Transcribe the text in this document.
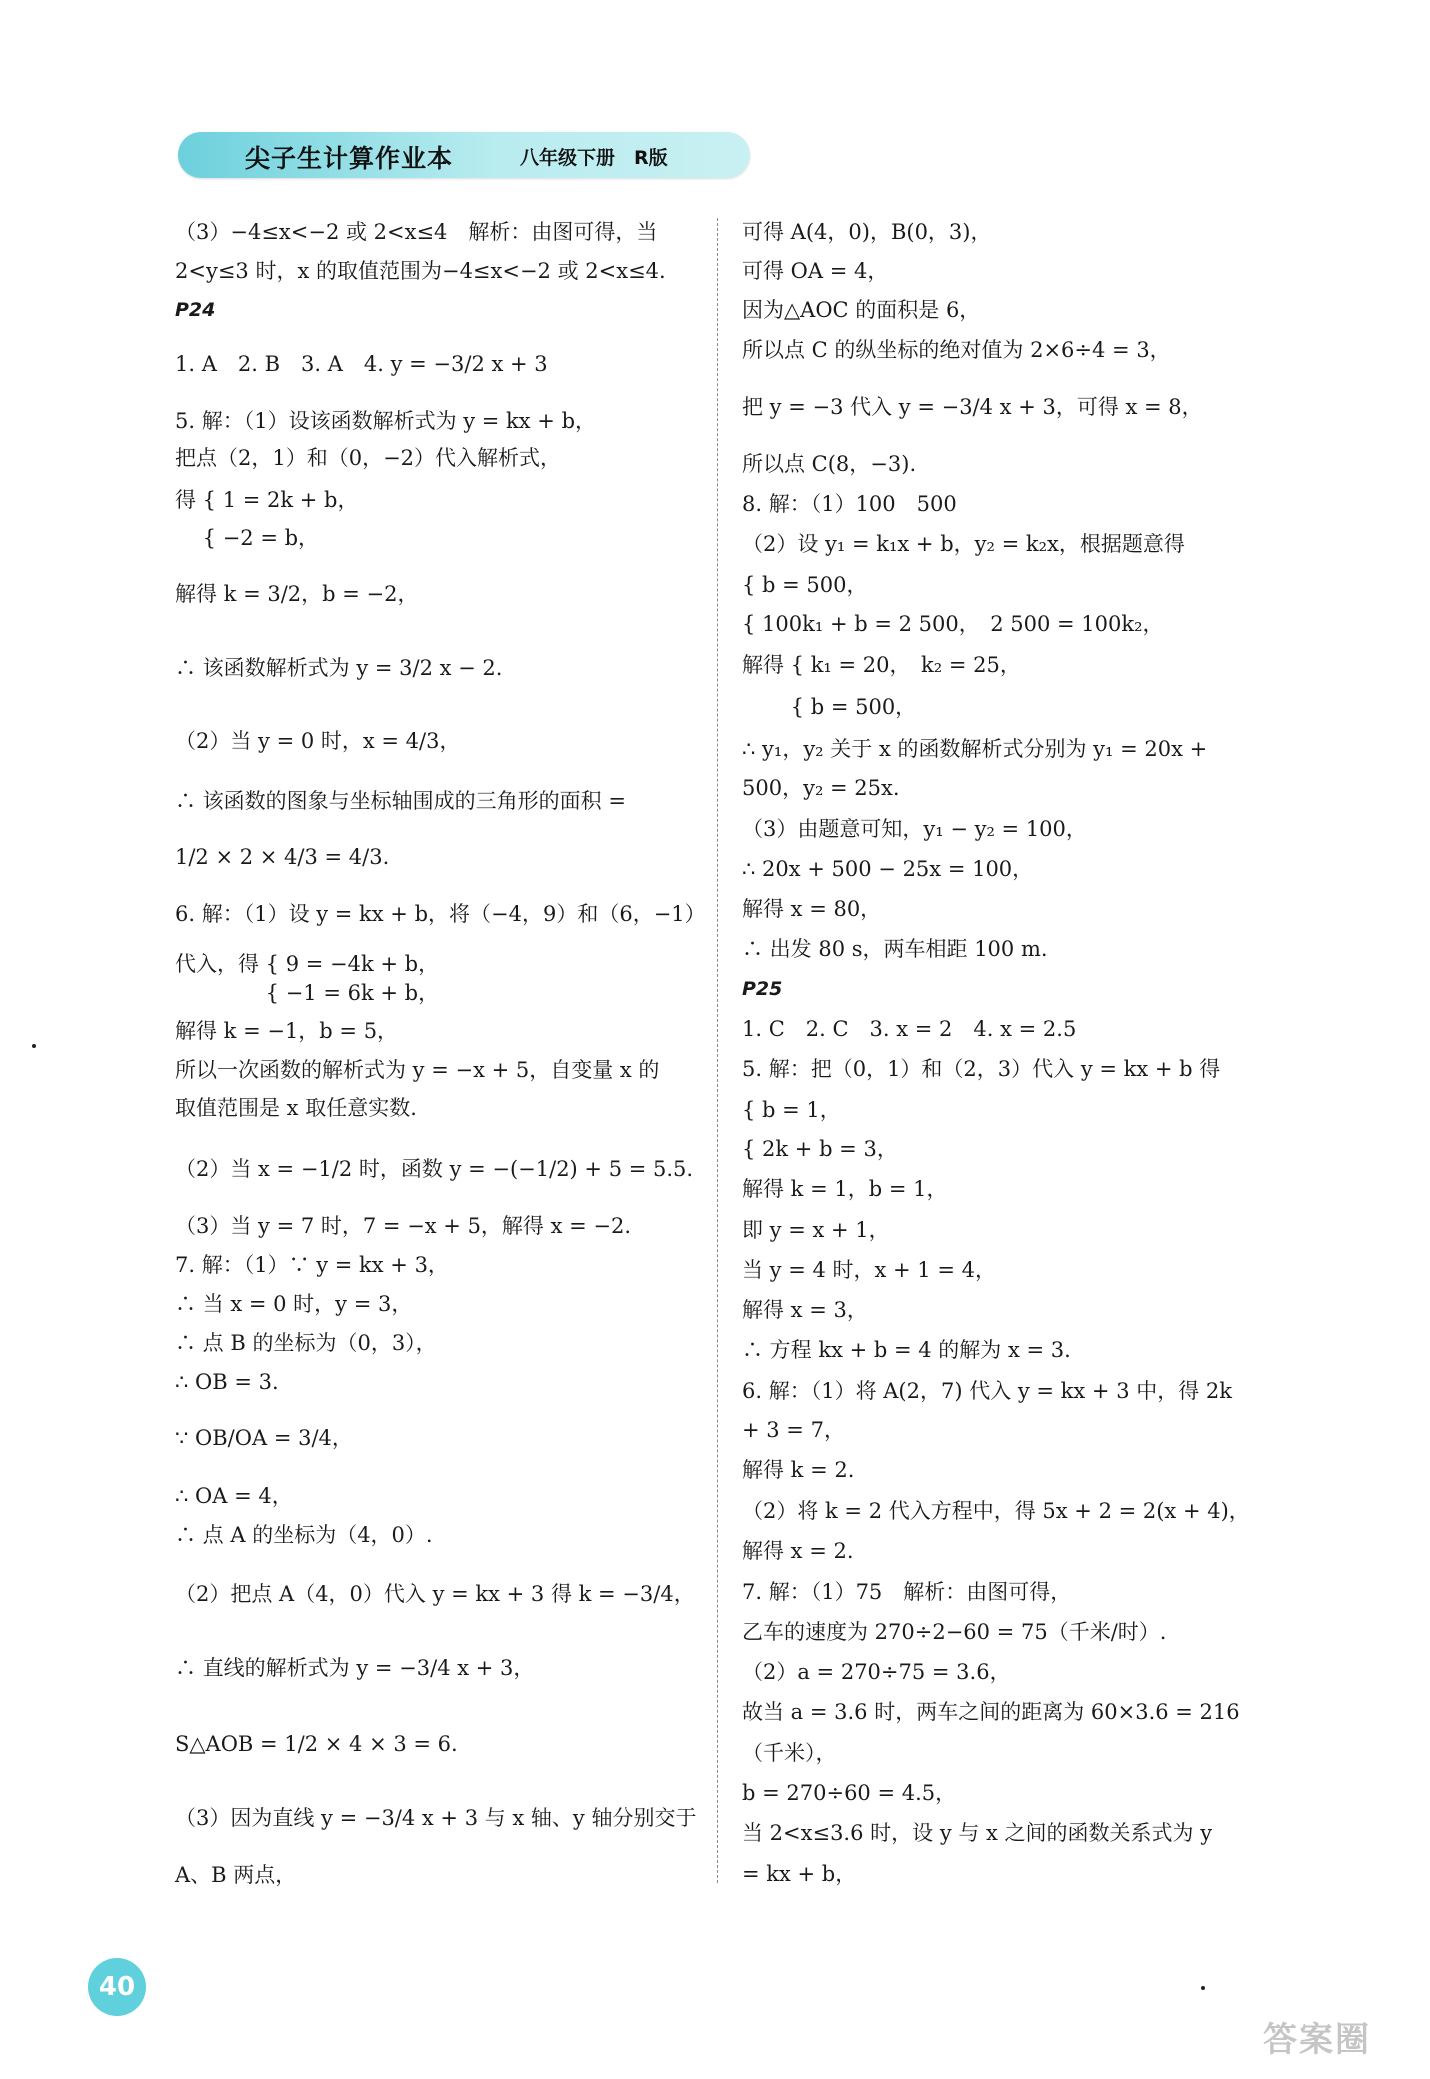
尖子生计算作业本	八年级下册　R版
（3）−4≤x<−2 或 2<x≤4　解析：由图可得，当
2<y≤3 时，x 的取值范围为−4≤x<−2 或 2<x≤4.
P24
1. A　2. B　3. A　4. y = −3/2 x + 3
5. 解：（1）设该函数解析式为 y = kx + b，
把点（2，1）和（0，−2）代入解析式，
得 { 1 = 2k + b，
　 { −2 = b，
解得 k = 3/2，b = −2，
∴ 该函数解析式为 y = 3/2 x − 2.
（2）当 y = 0 时，x = 4/3，
∴ 该函数的图象与坐标轴围成的三角形的面积 =
1/2 × 2 × 4/3 = 4/3.
6. 解：（1）设 y = kx + b，将（−4，9）和（6，−1）
代入，得 { 9 = −4k + b，
　　　　 { −1 = 6k + b，
解得 k = −1，b = 5，
所以一次函数的解析式为 y = −x + 5，自变量 x 的
取值范围是 x 取任意实数.
（2）当 x = −1/2 时，函数 y = −(−1/2) + 5 = 5.5.
（3）当 y = 7 时，7 = −x + 5，解得 x = −2.
7. 解：（1）∵ y = kx + 3，
∴ 当 x = 0 时，y = 3，
∴ 点 B 的坐标为（0，3），
∴ OB = 3.
∵ OB/OA = 3/4，
∴ OA = 4，
∴ 点 A 的坐标为（4，0）.
（2）把点 A（4，0）代入 y = kx + 3 得 k = −3/4，
∴ 直线的解析式为 y = −3/4 x + 3，
S△AOB = 1/2 × 4 × 3 = 6.
（3）因为直线 y = −3/4 x + 3 与 x 轴、y 轴分别交于
A、B 两点，
可得 A(4，0)，B(0，3)，
可得 OA = 4，
因为△AOC 的面积是 6，
所以点 C 的纵坐标的绝对值为 2×6÷4 = 3，
把 y = −3 代入 y = −3/4 x + 3，可得 x = 8，
所以点 C(8，−3).
8. 解：（1）100　500
（2）设 y₁ = k₁x + b，y₂ = k₂x，根据题意得
{ b = 500，
{ 100k₁ + b = 2 500，　2 500 = 100k₂，
解得 { k₁ = 20，　k₂ = 25，
　　 { b = 500，
∴ y₁，y₂ 关于 x 的函数解析式分别为 y₁ = 20x +
500，y₂ = 25x.
（3）由题意可知，y₁ − y₂ = 100，
∴ 20x + 500 − 25x = 100，
解得 x = 80，
∴ 出发 80 s，两车相距 100 m.
P25
1. C　2. C　3. x = 2　4. x = 2.5
5. 解：把（0，1）和（2，3）代入 y = kx + b 得
{ b = 1，
{ 2k + b = 3，
解得 k = 1，b = 1，
即 y = x + 1，
当 y = 4 时，x + 1 = 4，
解得 x = 3，
∴ 方程 kx + b = 4 的解为 x = 3.
6. 解：（1）将 A(2，7) 代入 y = kx + 3 中，得 2k
+ 3 = 7，
解得 k = 2.
（2）将 k = 2 代入方程中，得 5x + 2 = 2(x + 4)，
解得 x = 2.
7. 解：（1）75　解析：由图可得，
乙车的速度为 270÷2−60 = 75（千米/时）.
（2）a = 270÷75 = 3.6，
故当 a = 3.6 时，两车之间的距离为 60×3.6 = 216
（千米），
b = 270÷60 = 4.5，
当 2<x≤3.6 时，设 y 与 x 之间的函数关系式为 y
= kx + b，
40
答案圈
